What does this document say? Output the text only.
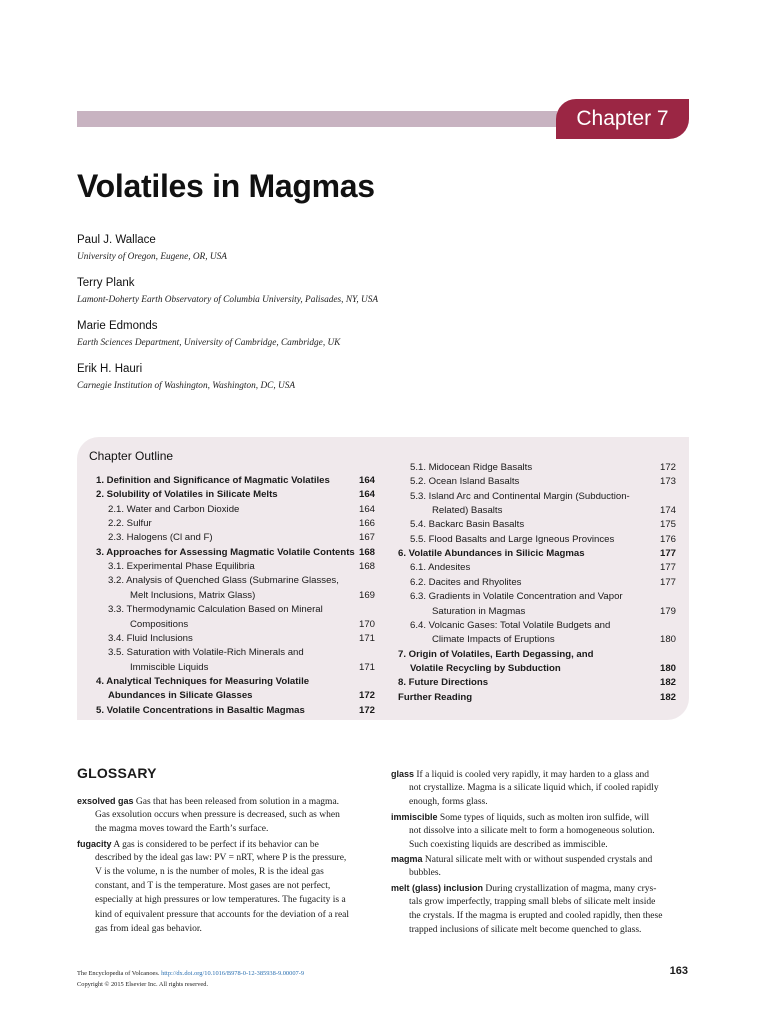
Chapter 7
Volatiles in Magmas
Paul J. Wallace
University of Oregon, Eugene, OR, USA
Terry Plank
Lamont-Doherty Earth Observatory of Columbia University, Palisades, NY, USA
Marie Edmonds
Earth Sciences Department, University of Cambridge, Cambridge, UK
Erik H. Hauri
Carnegie Institution of Washington, Washington, DC, USA
Chapter Outline
1. Definition and Significance of Magmatic Volatiles	164
2. Solubility of Volatiles in Silicate Melts	164
2.1. Water and Carbon Dioxide	164
2.2. Sulfur	166
2.3. Halogens (Cl and F)	167
3. Approaches for Assessing Magmatic Volatile Contents 168
3.1. Experimental Phase Equilibria	168
3.2. Analysis of Quenched Glass (Submarine Glasses,
Melt Inclusions, Matrix Glass)	169
3.3. Thermodynamic Calculation Based on Mineral
Compositions	170
3.4. Fluid Inclusions	171
3.5. Saturation with Volatile-Rich Minerals and
Immiscible Liquids	171
4. Analytical Techniques for Measuring Volatile
Abundances in Silicate Glasses	172
5. Volatile Concentrations in Basaltic Magmas	172
5.1. Midocean Ridge Basalts	172
5.2. Ocean Island Basalts	173
5.3. Island Arc and Continental Margin (Subduction-
Related) Basalts	174
5.4. Backarc Basin Basalts	175
5.5. Flood Basalts and Large Igneous Provinces	176
6. Volatile Abundances in Silicic Magmas	177
6.1. Andesites	177
6.2. Dacites and Rhyolites	177
6.3. Gradients in Volatile Concentration and Vapor
Saturation in Magmas	179
6.4. Volcanic Gases: Total Volatile Budgets and
Climate Impacts of Eruptions	180
7. Origin of Volatiles, Earth Degassing, and
Volatile Recycling by Subduction	180
8. Future Directions	182
Further Reading	182
GLOSSARY
exsolved gas Gas that has been released from solution in a magma.
Gas exsolution occurs when pressure is decreased, such as when
the magma moves toward the Earth’s surface.
fugacity A gas is considered to be perfect if its behavior can be
described by the ideal gas law: PV = nRT, where P is the pressure,
V is the volume, n is the number of moles, R is the ideal gas
constant, and T is the temperature. Most gases are not perfect,
especially at high pressures or low temperatures. The fugacity is a
kind of equivalent pressure that accounts for the deviation of a real
gas from ideal gas behavior.
glass If a liquid is cooled very rapidly, it may harden to a glass and
not crystallize. Magma is a silicate liquid which, if cooled rapidly
enough, forms glass.
immiscible Some types of liquids, such as molten iron sulfide, will
not dissolve into a silicate melt to form a homogeneous solution.
Such coexisting liquids are described as immiscible.
magma Natural silicate melt with or without suspended crystals and
bubbles.
melt (glass) inclusion During crystallization of magma, many crys-
tals grow imperfectly, trapping small blebs of silicate melt inside
the crystals. If the magma is erupted and cooled rapidly, then these
trapped inclusions of silicate melt become quenched to glass.
The Encyclopedia of Volcanoes. http://dx.doi.org/10.1016/B978-0-12-385938-9.00007-9
Copyright © 2015 Elsevier Inc. All rights reserved.
163
